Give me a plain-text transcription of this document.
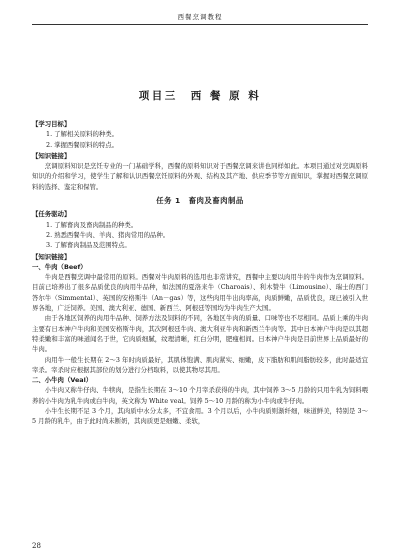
西餐烹调教程
项目三　西 餐 原 料
【学习目标】
1. 了解相关原料的种类。
2. 掌握西餐原料的特点。
【知识链接】
烹调原料知识是烹饪专业的一门基础学科，西餐的原料知识对于西餐烹调来讲也同样如此。本项目通过对烹调原料知识的介绍和学习，使学生了解和认识西餐烹饪原料的外观、结构及其产地、供应季节等方面知识，掌握对西餐烹调原料的选择、鉴定和保管。
任务 1　畜肉及畜肉制品
【任务驱动】
1. 了解畜肉及畜肉制品的种类。
2. 熟悉西餐牛肉、羊肉、猪肉常用的品种。
3. 了解畜肉制品及范围特点。
【知识链接】
一、牛肉（Beef）
牛肉是西餐烹调中最常用的原料。西餐对牛肉原料的选用也非常讲究，西餐中主要以肉用牛的牛肉作为烹调原料。目前已培养出了很多品质优良的肉用牛品种，如法国的夏洛来牛（Charoais）、利木赞牛（Limousine）、瑞士的西门答尔牛（Simmental）、英国的安格斯牛（An－gas）等，这些肉用牛出肉率高，肉质鲜嫩，品质优良，现已被引入世界各地，广泛饲养。美国、澳大利亚、德国、新西兰、阿根廷等国均为牛肉生产大国。
由于各地区饲养的肉用牛品种、饲养方法及饲料的不同，各地区牛肉的质量、口味等也不尽相同。品质上乘的牛肉主要有日本神户牛肉和美国安格斯牛肉，其次阿根廷牛肉、澳大利亚牛肉和新西兰牛肉等。其中日本神户牛肉是以其超特柔嫩和丰富的味道闻名于世，它肉质细腻，纹理清晰，红白分明，肥瘦相间。日本神户牛肉是目前世界上品质最好的牛肉。
肉用牛一般生长期在 2～3 年时肉质最好，其肌体饱满、肌肉紧实、细嫩，皮下脂肪和肌间脂肪较多，此时最适宜宰杀。宰杀时应根据其部位的划分进行分档取料，以使其物尽其用。
二、小牛肉（Veal）
小牛肉又称牛仔肉、牛犊肉，是指生长期在 3～10 个月宰杀获得的牛肉，其中饲养 3～5 月龄的只用牛乳为饲料喂养的小牛肉为乳牛肉或白牛肉，英文称为 White veal。饲养 5～10 月龄的称为小牛肉或牛仔肉。
小牛生长期不足 3 个月，其肉质中水分太多，不宜食用。3 个月以后，小牛肉质则渐纤细，味道鲜美，特别是 3～5 月龄的乳牛，由于此时尚未断奶，其肉质更是细嫩、柔软，
28
